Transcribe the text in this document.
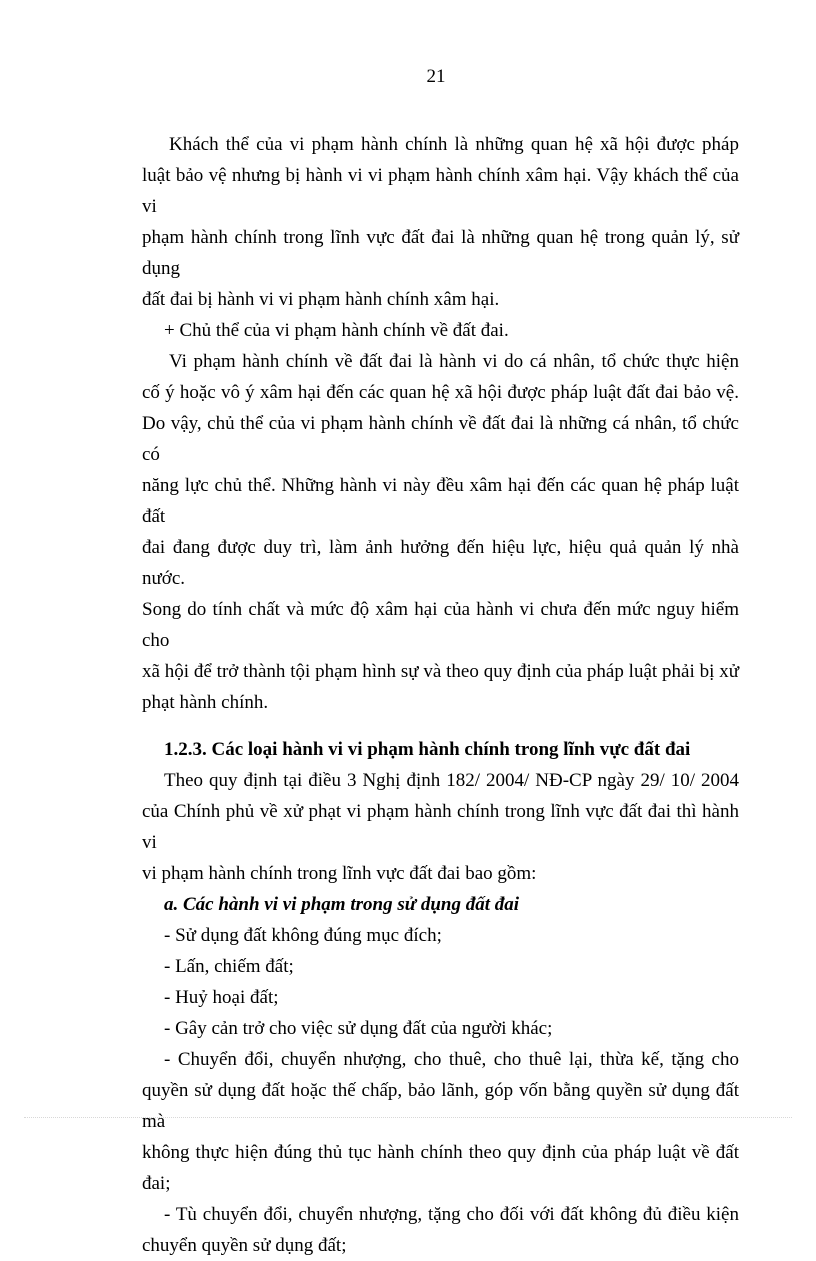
21

Khách thể của vi phạm hành chính là những quan hệ xã hội được pháp

luật bảo vệ nhưng bị hành vi vi phạm hành chính xâm hại. Vậy khách thể của vi

phạm hành chính trong lĩnh vực đất đai là những quan hệ trong quản lý, sử dụng

đất đai bị hành vi vi phạm hành chính xâm hại.

+ Chủ thể của vi phạm hành chính về đất đai.

Vi phạm hành chính về đất đai là hành vi do cá nhân, tổ chức thực hiện

cố ý hoặc vô ý xâm hại đến các quan hệ xã hội được pháp luật đất đai bảo vệ.

Do vậy, chủ thể của vi phạm hành chính về đất đai là những cá nhân, tổ chức có

năng lực chủ thể. Những hành vi này đều xâm hại đến các quan hệ pháp luật đất

đai đang được duy trì, làm ảnh hưởng đến hiệu lực, hiệu quả quản lý nhà nước.

Song do tính chất và mức độ xâm hại của hành vi chưa đến mức nguy hiểm cho

xã hội để trở thành tội phạm hình sự và theo quy định của pháp luật phải bị xử

phạt hành chính.

1.2.3. Các loại hành vi vi phạm hành chính trong lĩnh vực đất đai

Theo quy định tại điều 3 Nghị định 182/ 2004/ NĐ-CP ngày 29/ 10/ 2004

của Chính phủ về xử phạt vi phạm hành chính trong lĩnh vực đất đai thì hành vi

vi phạm hành chính trong lĩnh vực đất đai bao gồm:

a. Các hành vi vi phạm trong sử dụng đất đai

- Sử dụng đất không đúng mục đích;

- Lấn, chiếm đất;

- Huỷ hoại đất;

- Gây cản trở cho việc sử dụng đất của người khác;

- Chuyển đổi, chuyển nhượng, cho thuê, cho thuê lại, thừa kế, tặng cho

quyền sử dụng đất hoặc thế chấp, bảo lãnh, góp vốn bằng quyền sử dụng đất mà

không thực hiện đúng thủ tục hành chính theo quy định của pháp luật về đất đai;

- Tù chuyển đổi, chuyển nhượng, tặng cho đối với đất không đủ điều kiện

chuyển quyền sử dụng đất;
